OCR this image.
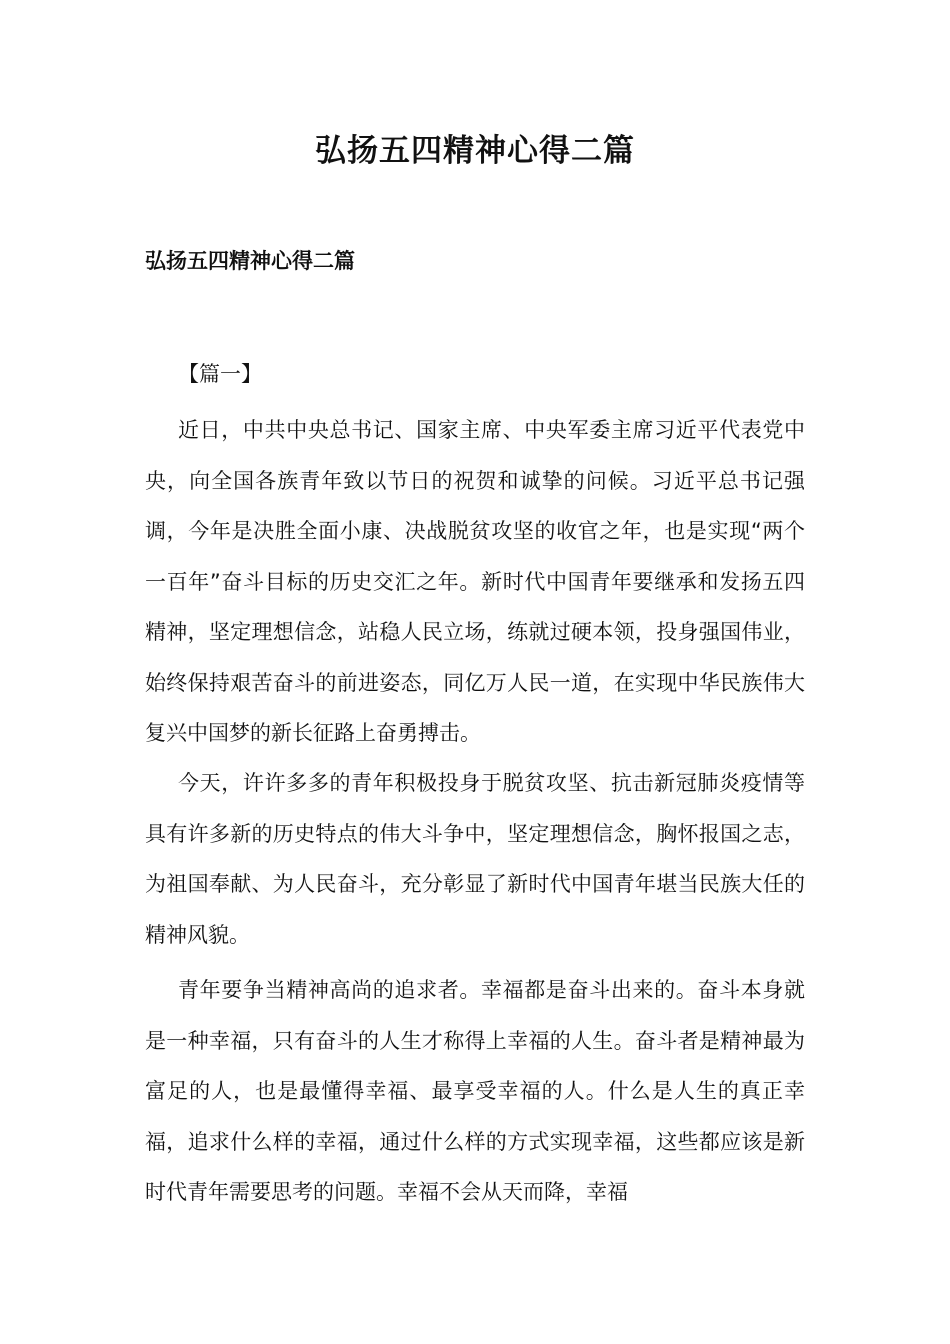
弘扬五四精神心得二篇
弘扬五四精神心得二篇

【篇一】

近日，中共中央总书记、国家主席、中央军委主席习近平代表党中央，向全国各族青年致以节日的祝贺和诚挚的问候。习近平总书记强调，今年是决胜全面小康、决战脱贫攻坚的收官之年，也是实现“两个一百年”奋斗目标的历史交汇之年。新时代中国青年要继承和发扬五四精神，坚定理想信念，站稳人民立场，练就过硬本领，投身强国伟业，始终保持艰苦奋斗的前进姿态，同亿万人民一道，在实现中华民族伟大复兴中国梦的新长征路上奋勇搏击。

今天，许许多多的青年积极投身于脱贫攻坚、抗击新冠肺炎疫情等具有许多新的历史特点的伟大斗争中，坚定理想信念，胸怀报国之志，为祖国奉献、为人民奋斗，充分彰显了新时代中国青年堪当民族大任的精神风貌。

青年要争当精神高尚的追求者。幸福都是奋斗出来的。奋斗本身就是一种幸福，只有奋斗的人生才称得上幸福的人生。奋斗者是精神最为富足的人，也是最懂得幸福、最享受幸福的人。什么是人生的真正幸福，追求什么样的幸福，通过什么样的方式实现幸福，这些都应该是新时代青年需要思考的问题。幸福不会从天而降，幸福
